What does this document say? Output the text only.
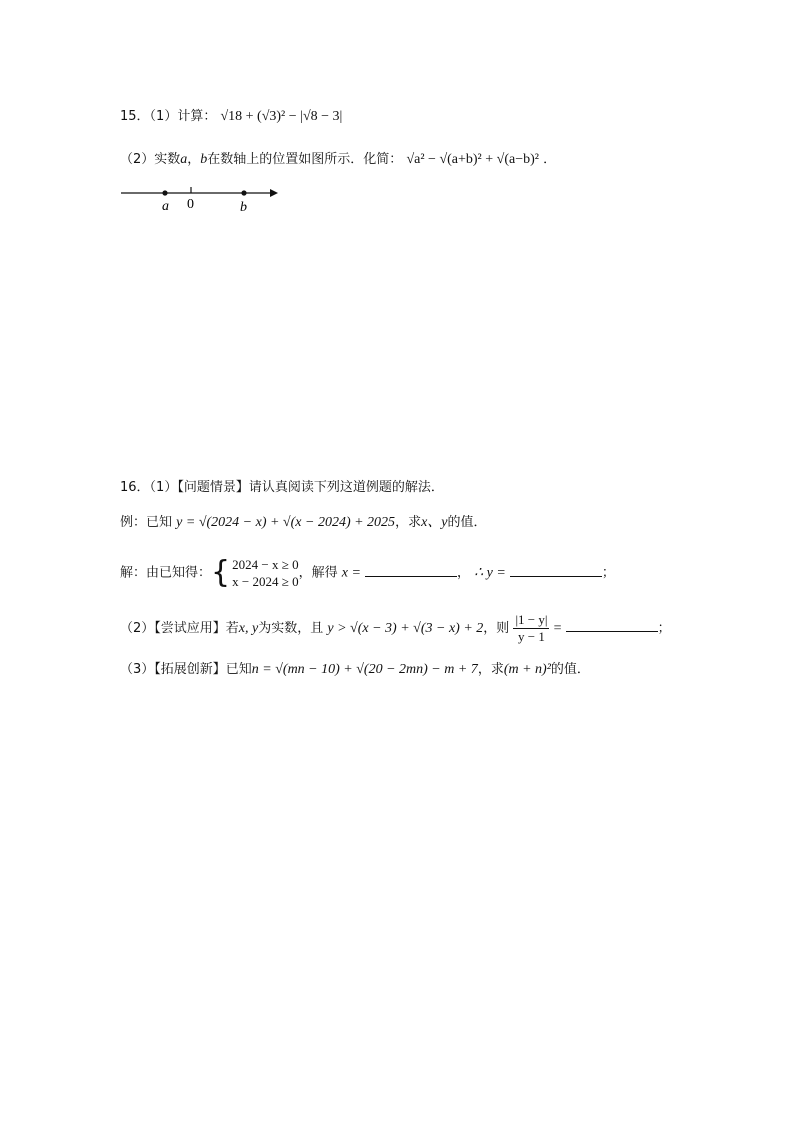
15．（1）计算： √18 + (√3)² − |√8 − 3|
（2）实数a，b在数轴上的位置如图所示．化简： √a² − √(a+b)² + √(a−b)² ．
a 0	b
16．（1）【问题情景】请认真阅读下列这道例题的解法．
例：已知 y = √(2024 − x) + √(x − 2024) + 2025，求x、y的值．
解：由已知得：{ 2024 − x ≥ 0
x − 2024 ≥ 0，解得 x =	， ∴ y =	；
（2）【尝试应用】若x, y为实数，且 y > √(x − 3) + √(3 − x) + 2，则 $\frac{|1 - y|}{y - 1}$ =	；
（3）【拓展创新】已知n = √(mn − 10) + √(20 − 2mn) − m + 7，求(m + n)²的值．
